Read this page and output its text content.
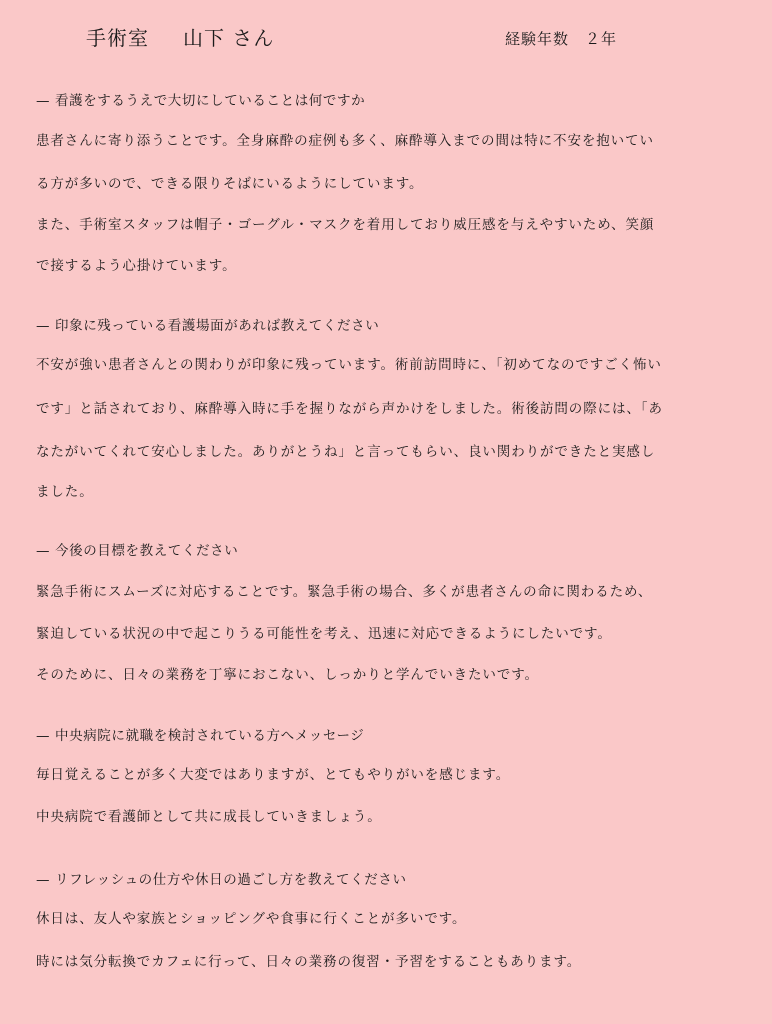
手術室 山下 さん	経験年数　２年
— 看護をするうえで大切にしていることは何ですか
患者さんに寄り添うことです。全身麻酔の症例も多く、麻酔導入までの間は特に不安を抱いてい
る方が多いので、できる限りそばにいるようにしています。
また、手術室スタッフは帽子・ゴーグル・マスクを着用しており威圧感を与えやすいため、笑顔
で接するよう心掛けています。
— 印象に残っている看護場面があれば教えてください
不安が強い患者さんとの関わりが印象に残っています。術前訪問時に、「初めてなのですごく怖い
です」と話されており、麻酔導入時に手を握りながら声かけをしました。術後訪問の際には、「あ
なたがいてくれて安心しました。ありがとうね」と言ってもらい、良い関わりができたと実感し
ました。
— 今後の目標を教えてください
緊急手術にスムーズに対応することです。緊急手術の場合、多くが患者さんの命に関わるため、
緊迫している状況の中で起こりうる可能性を考え、迅速に対応できるようにしたいです。
そのために、日々の業務を丁寧におこない、しっかりと学んでいきたいです。
— 中央病院に就職を検討されている方へメッセージ
毎日覚えることが多く大変ではありますが、とてもやりがいを感じます。
中央病院で看護師として共に成長していきましょう。
— リフレッシュの仕方や休日の過ごし方を教えてください
休日は、友人や家族とショッピングや食事に行くことが多いです。
時には気分転換でカフェに行って、日々の業務の復習・予習をすることもあります。
